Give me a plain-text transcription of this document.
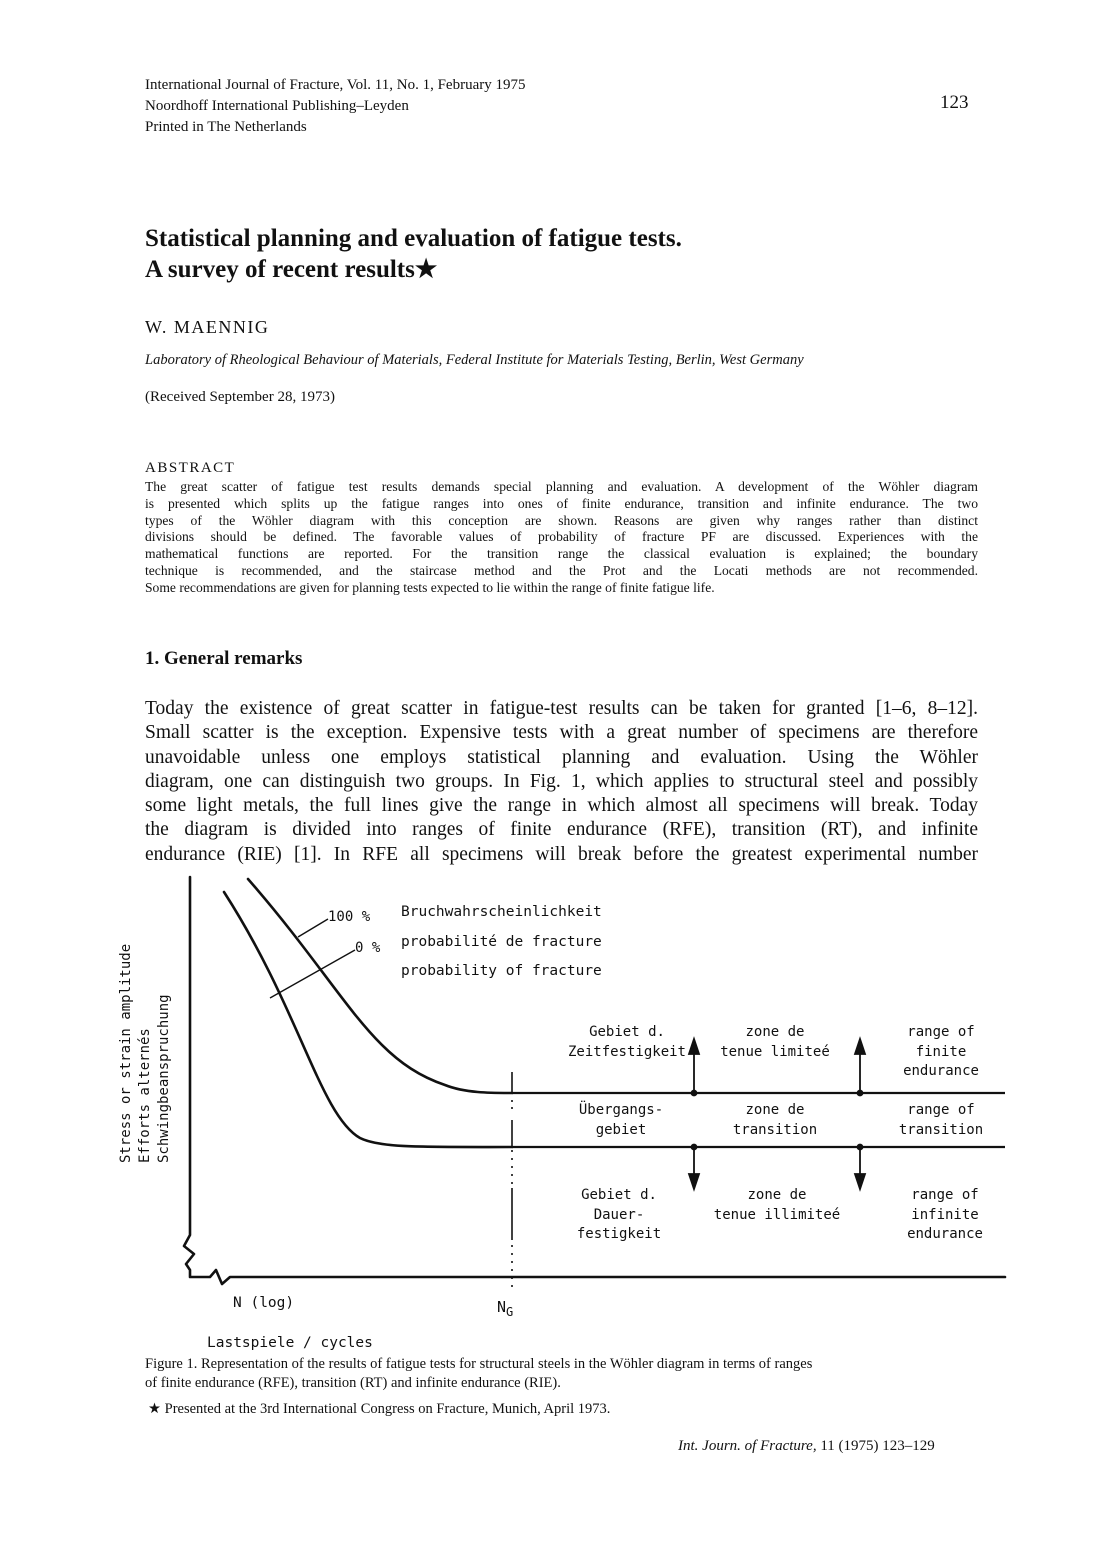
International Journal of Fracture, Vol. 11, No. 1, February 1975
Noordhoff International Publishing–Leyden
Printed in The Netherlands
123
Statistical planning and evaluation of fatigue tests.
A survey of recent results★
W. MAENNIG
Laboratory of Rheological Behaviour of Materials, Federal Institute for Materials Testing, Berlin, West Germany
(Received September 28, 1973)
ABSTRACT
The great scatter of fatigue test results demands special planning and evaluation. A development of the Wöhler diagram
is presented which splits up the fatigue ranges into ones of finite endurance, transition and infinite endurance. The two
types of the Wöhler diagram with this conception are shown. Reasons are given why ranges rather than distinct
divisions should be defined. The favorable values of probability of fracture PF are discussed. Experiences with the
mathematical functions are reported. For the transition range the classical evaluation is explained; the boundary
technique is recommended, and the staircase method and the Prot and the Locati methods are not recommended.
Some recommendations are given for planning tests expected to lie within the range of finite fatigue life.
1. General remarks
Today the existence of great scatter in fatigue-test results can be taken for granted [1–6, 8–12].
Small scatter is the exception. Expensive tests with a great number of specimens are therefore
unavoidable unless one employs statistical planning and evaluation. Using the Wöhler
diagram, one can distinguish two groups. In Fig. 1, which applies to structural steel and possibly
some light metals, the full lines give the range in which almost all specimens will break. Today
the diagram is divided into ranges of finite endurance (RFE), transition (RT), and infinite
endurance (RIE) [1]. In RFE all specimens will break before the greatest experimental number
Stress or strain amplitude Efforts alternés Schwingbeanspruchung
100 %
0 %
Bruchwahrscheinlichkeit
probabilité de fracture
probability of fracture
Gebiet d.
Zeitfestigkeit
zone de
tenue limiteé
range of
finite
endurance
Übergangs-
gebiet
zone de
transition
range of
transition
Gebiet d.
Dauer-
festigkeit
zone de
tenue illimiteé
range of
infinite
endurance
N (log)	$N_G$
Lastspiele / cycles
Figure 1. Representation of the results of fatigue tests for structural steels in the Wöhler diagram in terms of ranges
of finite endurance (RFE), transition (RT) and infinite endurance (RIE).
★ Presented at the 3rd International Congress on Fracture, Munich, April 1973.
Int. Journ. of Fracture, 11 (1975) 123–129
